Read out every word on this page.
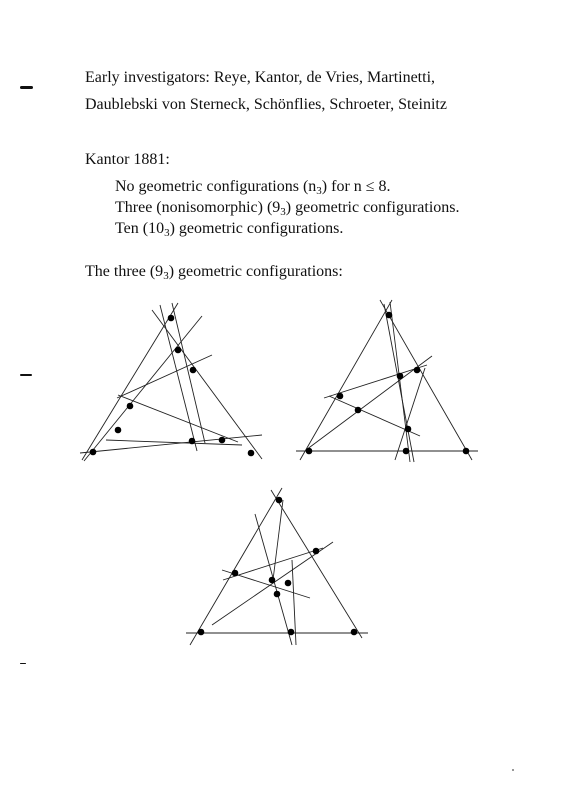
Early investigators: Reye, Kantor, de Vries, Martinetti,
Daublebski von Sterneck, Schönflies, Schroeter, Steinitz
Kantor 1881:
No geometric configurations $(n_3)$ for n ≤ 8.
Three (nonisomorphic) $(9_3)$ geometric configurations.
Ten $(10_3)$ geometric configurations.
The three $(9_3)$ geometric configurations:
